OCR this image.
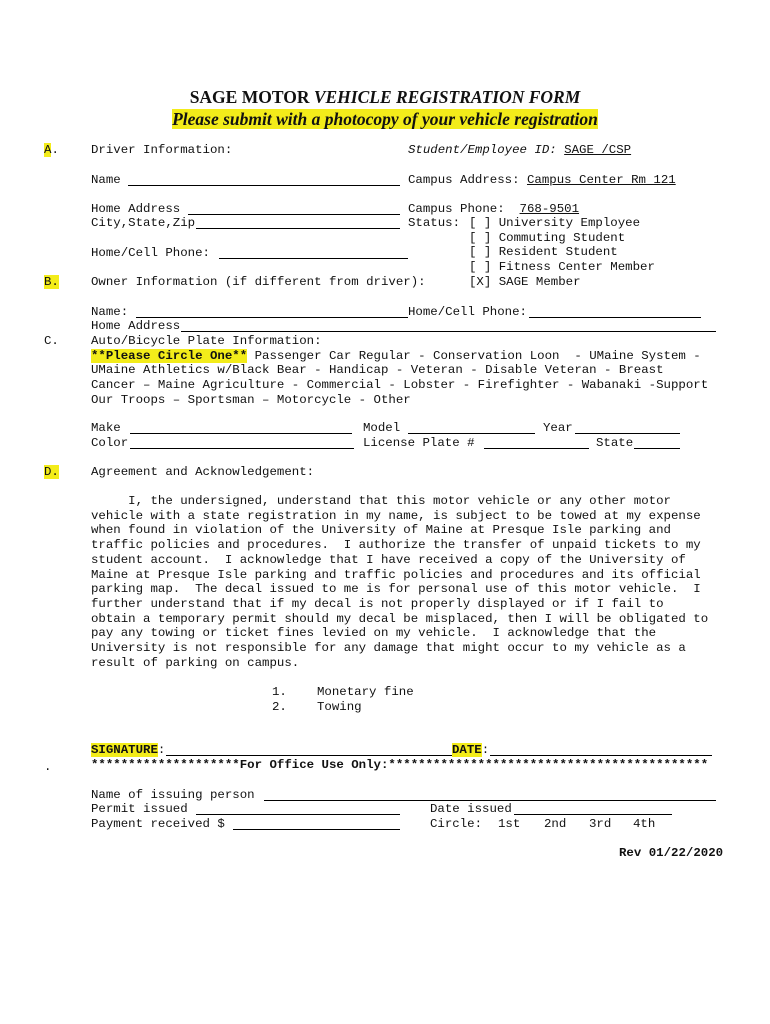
SAGE MOTOR VEHICLE REGISTRATION FORM
Please submit with a photocopy of your vehicle registration
A.	Driver Information:	Student/Employee ID: SAGE /CSP
Name	Campus Address: Campus Center Rm 121
Home Address	Campus Phone: 768-9501
City,State,Zip	Status: [ ] University Employee
[ ] Commuting Student
[ ] Resident Student
[ ] Fitness Center Member
[X] SAGE Member
Home/Cell Phone:
B.	Owner Information (if different from driver):
Name:	Home/Cell Phone:
Home Address
C.	Auto/Bicycle Plate Information:
**Please Circle One** Passenger Car Regular - Conservation Loon  - UMaine System -
UMaine Athletics w/Black Bear - Handicap - Veteran - Disable Veteran - Breast
Cancer – Maine Agriculture - Commercial - Lobster - Firefighter - Wabanaki -Support
Our Troops – Sportsman – Motorcycle - Other
Make	Model	Year
Color	License Plate #	State
D.	Agreement and Acknowledgement:
I, the undersigned, understand that this motor vehicle or any other motor
vehicle with a state registration in my name, is subject to be towed at my expense
when found in violation of the University of Maine at Presque Isle parking and
traffic policies and procedures.  I authorize the transfer of unpaid tickets to my
student account.  I acknowledge that I have received a copy of the University of
Maine at Presque Isle parking and traffic policies and procedures and its official
parking map.  The decal issued to me is for personal use of this motor vehicle.  I
further understand that if my decal is not properly displayed or if I fail to
obtain a temporary permit should my decal be misplaced, then I will be obligated to
pay any towing or ticket fines levied on my vehicle.  I acknowledge that the
University is not responsible for any damage that might occur to my vehicle as a
result of parking on campus.
1. Monetary fine
2. Towing
SIGNATURE:	DATE:
.	********************For Office Use Only:*******************************************
Name of issuing person
Permit issued	Date issued
Payment received $	Circle: 1st 2nd 3rd 4th
Rev 01/22/2020
